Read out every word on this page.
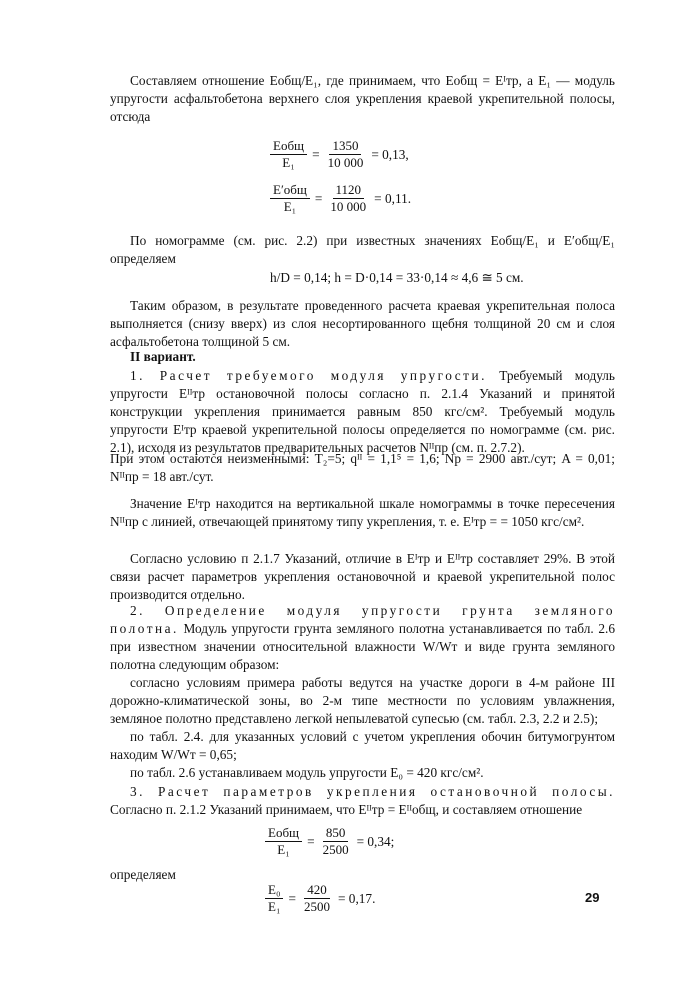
Составляем отношение Eобщ/E₁, где принимаем, что Eобщ = Eᴵтр, а E₁ — модуль упругости асфальтобетона верхнего слоя укрепления краевой укрепительной полосы, отсюда

$\frac{\text{Eобщ}}{\text{E₁}} = \frac{1350}{10 000} = 0,13$,
$\frac{\text{E′общ}}{\text{E₁}} = \frac{1120}{10 000} = 0,11$.

По номограмме (см. рис. 2.2) при известных значениях Eобщ/E₁ и E′общ/E₁ определяем

h/D = 0,14; h = D·0,14 = 33·0,14 ≈ 4,6 ≅ 5 см.

Таким образом, в результате проведенного расчета краевая укрепительная полоса выполняется (снизу вверх) из слоя несортированного щебня толщиной 20 см и слоя асфальтобетона толщиной 5 см.

II вариант.

1. Расчет требуемого модуля упругости. Требуемый модуль упругости Eᴵᴵтр остановочной полосы согласно п. 2.1.4 Указаний и принятой конструкции укрепления принимается равным 850 кгс/см². Требуемый модуль упругости Eᴵтр краевой укрепительной полосы определяется по номограмме (см. рис. 2.1), исходя из результатов предварительных расчетов Nᴵᴵпр (см. п. 2.7.2).

При этом остаются неизменными: T₂=5; qᴵᴵ = 1,1⁵ = 1,6; Nр = 2900 авт./сут; A = 0,01; Nᴵᴵпр = 18 авт./сут.

Значение Eᴵтр находится на вертикальной шкале номограммы в точке пересечения Nᴵᴵпр с линией, отвечающей принятому типу укрепления, т. е. Eᴵтр = = 1050 кгс/см².

Согласно условию п 2.1.7 Указаний, отличие в Eᴵтр и Eᴵᴵтр составляет 29%. В этой связи расчет параметров укрепления остановочной и краевой укрепительной полос производится отдельно.

2. Определение модуля упругости грунта земляного полотна. Модуль упругости грунта земляного полотна устанавливается по табл. 2.6 при известном значении относительной влажности W/Wт и виде грунта земляного полотна следующим образом:

согласно условиям примера работы ведутся на участке дороги в 4-м районе III дорожно-климатической зоны, во 2-м типе местности по условиям увлажнения, земляное полотно представлено легкой непылеватой супесью (см. табл. 2.3, 2.2 и 2.5);

по табл. 2.4. для указанных условий с учетом укрепления обочин битумогрунтом находим W/Wт = 0,65;

по табл. 2.6 устанавливаем модуль упругости E₀ = 420 кгс/см².

3. Расчет параметров укрепления остановочной полосы. Согласно п. 2.1.2 Указаний принимаем, что Eᴵᴵтр = Eᴵᴵобщ, и составляем отношение

$\frac{\text{Eобщ}}{\text{E₁}} = \frac{850}{2500} = 0,34$;

определяем

$\frac{\text{E₀}}{\text{E₁}} = \frac{420}{2500} = 0,17$.	29
